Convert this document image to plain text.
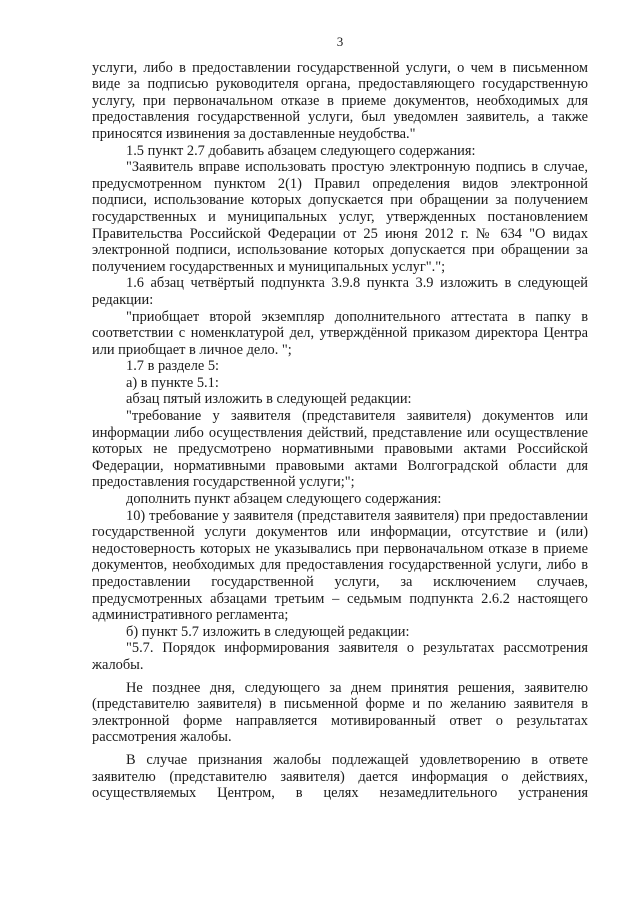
3

услуги, либо в предоставлении государственной услуги, о чем в письменном виде за подписью руководителя органа, предоставляющего государственную услугу, при первоначальном отказе в приеме документов, необходимых для предоставления государственной услуги, был уведомлен заявитель, а также приносятся извинения за доставленные неудобства."

1.5 пункт 2.7 добавить абзацем следующего содержания:

"Заявитель вправе использовать простую электронную подпись в случае, предусмотренном пунктом 2(1) Правил определения видов электронной подписи, использование которых допускается при обращении за получением государственных и муниципальных услуг, утвержденных постановлением Правительства Российской Федерации от 25 июня 2012 г. № 634 "О видах электронной подписи, использование которых допускается при обращении за получением государственных и муниципальных услуг".";

1.6 абзац четвёртый подпункта 3.9.8 пункта 3.9 изложить в следующей редакции:

"приобщает второй экземпляр дополнительного аттестата в папку в соответствии с номенклатурой дел, утверждённой приказом директора Центра или приобщает в личное дело. ";

1.7 в разделе 5:

а) в пункте 5.1:

абзац пятый изложить в следующей редакции:

"требование у заявителя (представителя заявителя) документов или информации либо осуществления действий, представление или осуществление которых не предусмотрено нормативными правовыми актами Российской Федерации, нормативными правовыми актами Волгоградской области для предоставления государственной услуги;";

дополнить пункт абзацем следующего содержания:

10) требование у заявителя (представителя заявителя) при предоставлении государственной услуги документов или информации, отсутствие и (или) недостоверность которых не указывались при первоначальном отказе в приеме документов, необходимых для предоставления государственной услуги, либо в предоставлении государственной услуги, за исключением случаев, предусмотренных абзацами третьим – седьмым подпункта 2.6.2 настоящего административного регламента;

б) пункт 5.7 изложить в следующей редакции:

"5.7. Порядок информирования заявителя о результатах рассмотрения жалобы.

Не позднее дня, следующего за днем принятия решения, заявителю (представителю заявителя) в письменной форме и по желанию заявителя в электронной форме направляется мотивированный ответ о результатах рассмотрения жалобы.

В случае признания жалобы подлежащей удовлетворению в ответе заявителю (представителю заявителя) дается информация о действиях, осуществляемых Центром, в целях незамедлительного устранения
